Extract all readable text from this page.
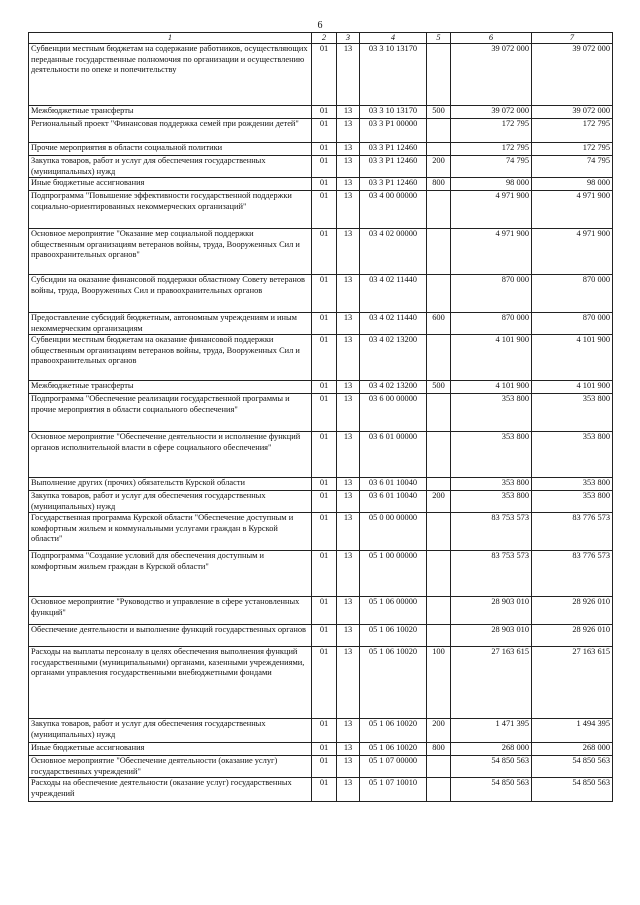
6
1	2	3	4	5	6	7
Субвенции местным бюджетам на содержание работников, осуществляющих переданные государственные полномочия по организации и осуществлению деятельности по опеке и попечительству	01	13	03 3 10 13170		39 072 000	39 072 000
Межбюджетные трансферты	01	13	03 3 10 13170	500	39 072 000	39 072 000
Региональный проект "Финансовая поддержка семей при рождении детей"	01	13	03 3 P1 00000		172 795	172 795
Прочие мероприятия в области социальной политики	01	13	03 3 P1 12460		172 795	172 795
Закупка товаров, работ и услуг для обеспечения государственных (муниципальных) нужд	01	13	03 3 P1 12460	200	74 795	74 795
Иные бюджетные ассигнования	01	13	03 3 P1 12460	800	98 000	98 000
Подпрограмма "Повышение эффективности государственной поддержки социально-ориентированных некоммерческих организаций"	01	13	03 4 00 00000		4 971 900	4 971 900
Основное мероприятие "Оказание мер социальной поддержки общественным организациям ветеранов войны, труда, Вооруженных Сил и правоохранительных органов"	01	13	03 4 02 00000		4 971 900	4 971 900
Субсидии на оказание финансовой поддержки областному Совету ветеранов войны, труда, Вооруженных Сил и правоохранительных органов	01	13	03 4 02 11440		870 000	870 000
Предоставление субсидий бюджетным, автономным учреждениям и иным некоммерческим организациям	01	13	03 4 02 11440	600	870 000	870 000
Субвенции местным бюджетам на оказание финансовой поддержки общественным организациям ветеранов войны, труда, Вооруженных Сил и правоохранительных органов	01	13	03 4 02 13200		4 101 900	4 101 900
Межбюджетные трансферты	01	13	03 4 02 13200	500	4 101 900	4 101 900
Подпрограмма "Обеспечение реализации государственной программы и прочие мероприятия в области социального обеспечения"	01	13	03 6 00 00000		353 800	353 800
Основное мероприятие "Обеспечение деятельности и исполнение функций органов исполнительной власти в сфере социального обеспечения"	01	13	03 6 01 00000		353 800	353 800
Выполнение других (прочих) обязательств Курской области	01	13	03 6 01 10040		353 800	353 800
Закупка товаров, работ и услуг для обеспечения государственных (муниципальных) нужд	01	13	03 6 01 10040	200	353 800	353 800
Государственная программа Курской области "Обеспечение доступным и комфортным жильем и коммунальными услугами граждан в Курской области"	01	13	05 0 00 00000		83 753 573	83 776 573
Подпрограмма "Создание условий для обеспечения доступным и комфортным жильем граждан в Курской области"	01	13	05 1 00 00000		83 753 573	83 776 573
Основное мероприятие "Руководство и управление в сфере установленных функций"	01	13	05 1 06 00000		28 903 010	28 926 010
Обеспечение деятельности и выполнение функций государственных органов	01	13	05 1 06 10020		28 903 010	28 926 010
Расходы на выплаты персоналу в целях обеспечения выполнения функций государственными (муниципальными) органами, казенными учреждениями, органами управления государственными внебюджетными фондами	01	13	05 1 06 10020	100	27 163 615	27 163 615
Закупка товаров, работ и услуг для обеспечения государственных (муниципальных) нужд	01	13	05 1 06 10020	200	1 471 395	1 494 395
Иные бюджетные ассигнования	01	13	05 1 06 10020	800	268 000	268 000
Основное мероприятие "Обеспечение деятельности (оказание услуг) государственных учреждений"	01	13	05 1 07 00000		54 850 563	54 850 563
Расходы на обеспечение деятельности (оказание услуг) государственных учреждений	01	13	05 1 07 10010		54 850 563	54 850 563
